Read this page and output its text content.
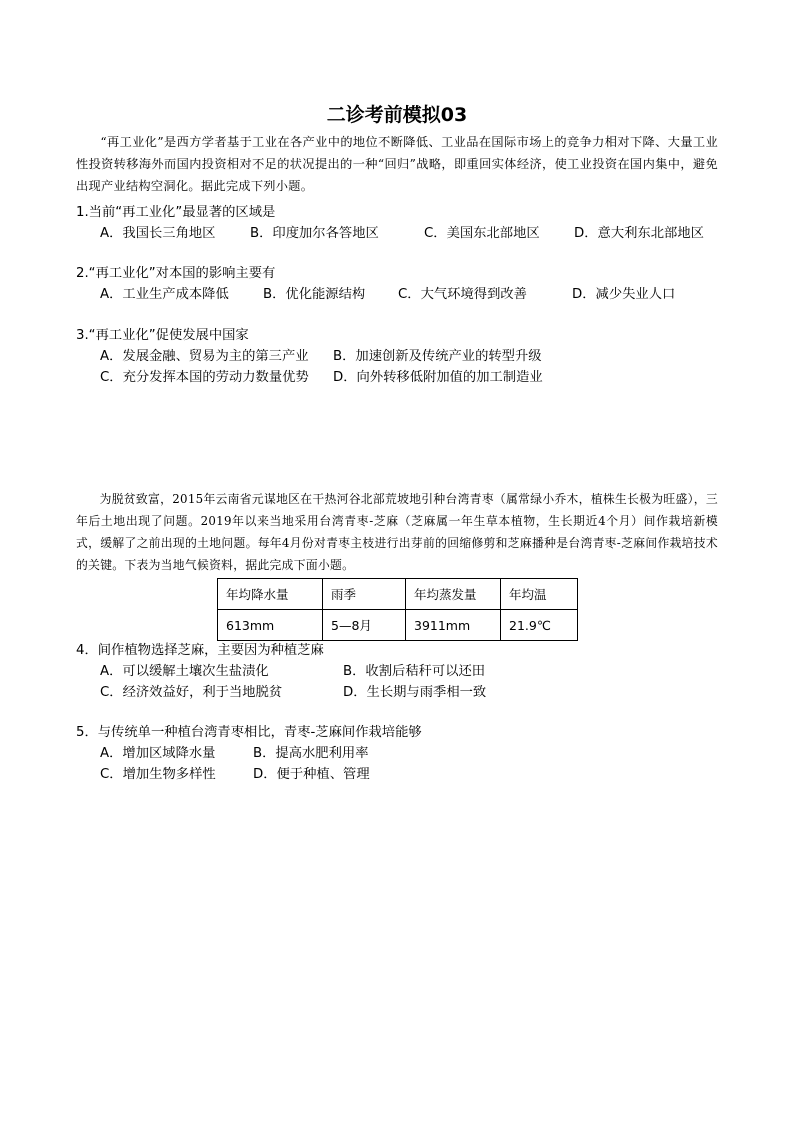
二诊考前模拟03
“再工业化”是西方学者基于工业在各产业中的地位不断降低、工业品在国际市场上的竞争力相对下降、大量工业性投资转移海外而国内投资相对不足的状况提出的一种“回归”战略，即重回实体经济，使工业投资在国内集中，避免出现产业结构空洞化。据此完成下列小题。
1.当前“再工业化”最显著的区域是
A．我国长三角地区	B．印度加尔各答地区	C．美国东北部地区	D．意大利东北部地区
2.“再工业化”对本国的影响主要有
A．工业生产成本降低	B．优化能源结构 C．大气环境得到改善	D．减少失业人口
3.“再工业化”促使发展中国家
A．发展金融、贸易为主的第三产业 B．加速创新及传统产业的转型升级
C．充分发挥本国的劳动力数量优势 D．向外转移低附加值的加工制造业
为脱贫致富，2015年云南省元谋地区在干热河谷北部荒坡地引种台湾青枣（属常绿小乔木，植株生长极为旺盛），三年后土地出现了问题。2019年以来当地采用台湾青枣-芝麻（芝麻属一年生草本植物，生长期近4个月）间作栽培新模式，缓解了之前出现的土地问题。每年4月份对青枣主枝进行出芽前的回缩修剪和芝麻播种是台湾青枣-芝麻间作栽培技术的关键。下表为当地气候资料，据此完成下面小题。
年均降水量	雨季	年均蒸发量	年均温
613mm	5—8月	3911mm	21.9℃
4．间作植物选择芝麻，主要因为种植芝麻
A．可以缓解土壤次生盐渍化	B．收割后秸秆可以还田
C．经济效益好，利于当地脱贫	D．生长期与雨季相一致
5．与传统单一种植台湾青枣相比，青枣-芝麻间作栽培能够
A．增加区域降水量	B．提高水肥利用率
C．增加生物多样性	D．便于种植、管理
